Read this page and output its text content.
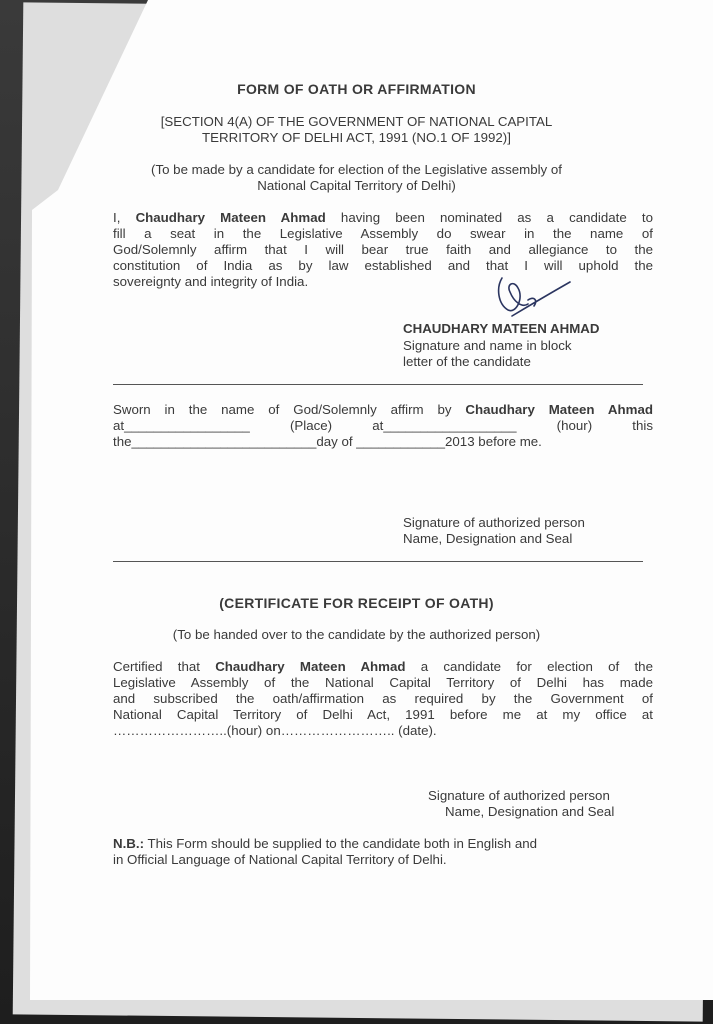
FORM OF OATH OR AFFIRMATION
[SECTION 4(A) OF THE GOVERNMENT OF NATIONAL CAPITAL
TERRITORY OF DELHI ACT, 1991 (NO.1 OF 1992)]
(To be made by a candidate for election of the Legislative assembly of
National Capital Territory of Delhi)
I, Chaudhary Mateen Ahmad having been nominated as a candidate to
fill a seat in the Legislative Assembly do swear in the name of
God/Solemnly affirm that I will bear true faith and allegiance to the
constitution of India as by law established and that I will uphold the
sovereignty and integrity of India.
CHAUDHARY MATEEN AHMAD
Signature and name in block
letter of the candidate
Sworn in the name of God/Solemnly affirm by Chaudhary Mateen Ahmad
at_________________ (Place) at__________________ (hour) this
the_________________________day of ____________2013 before me.
Signature of authorized person
Name, Designation and Seal
(CERTIFICATE FOR RECEIPT OF OATH)
(To be handed over to the candidate by the authorized person)
Certified that Chaudhary Mateen Ahmad a candidate for election of the
Legislative Assembly of the National Capital Territory of Delhi has made
and subscribed the oath/affirmation as required by the Government of
National Capital Territory of Delhi Act, 1991 before me at my office at
……………………..(hour) on…………………….. (date).
Signature of authorized person
Name, Designation and Seal
N.B.: This Form should be supplied to the candidate both in English and
in Official Language of National Capital Territory of Delhi.
